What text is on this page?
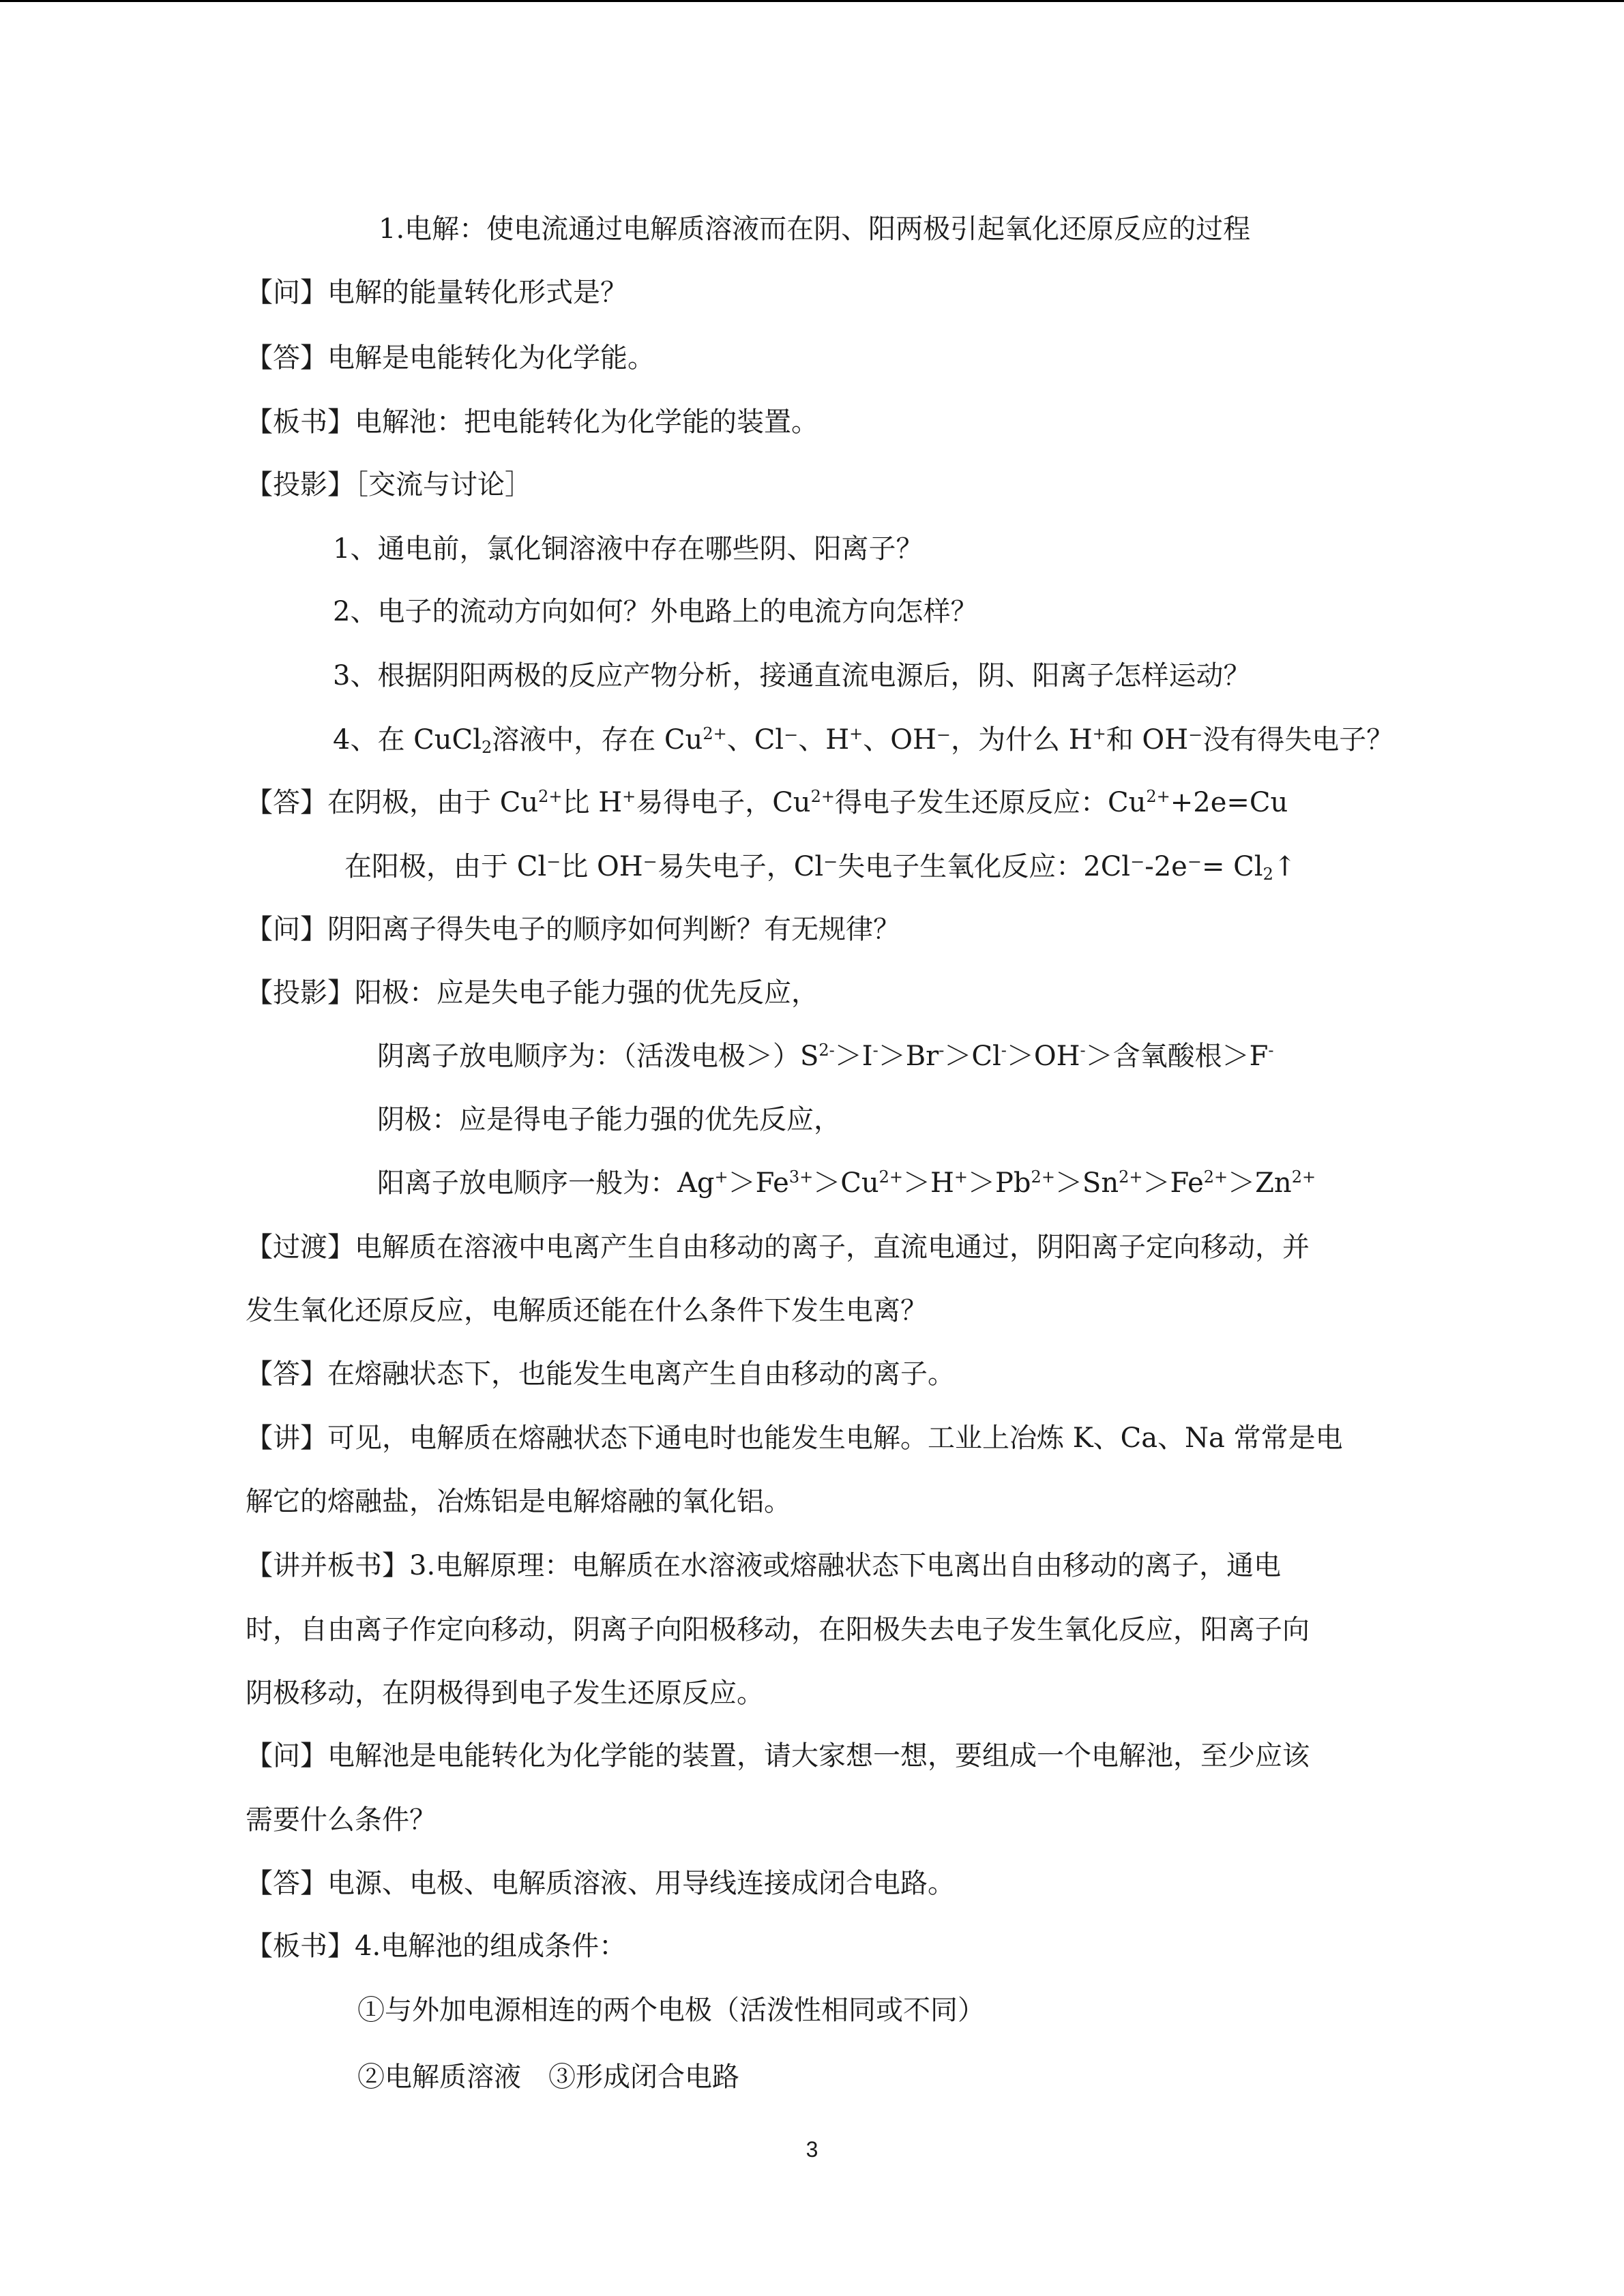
1.电解：使电流通过电解质溶液而在阴、阳两极引起氧化还原反应的过程

【问】电解的能量转化形式是？

【答】电解是电能转化为化学能。

【板书】电解池：把电能转化为化学能的装置。

【投影】［交流与讨论］

1、通电前，氯化铜溶液中存在哪些阴、阳离子？

2、电子的流动方向如何？外电路上的电流方向怎样？

3、根据阴阳两极的反应产物分析，接通直流电源后，阴、阳离子怎样运动？

4、在 CuCl$_2$溶液中，存在 $Cu^{2+}$、Cl⁻、H+、OH⁻，为什么 H+和 OH⁻没有得失电子？

【答】在阴极，由于 $Cu^{2+}$比 H+易得电子，$Cu^{2+}$得电子发生还原反应：$Cu^{2+}+2e=Cu$

在阳极，由于 Cl⁻比 OH⁻易失电子，Cl⁻失电子生氧化反应：$2Cl^--2e^-= Cl_2↑$

【问】阴阳离子得失电子的顺序如何判断？有无规律？

【投影】阳极：应是失电子能力强的优先反应，

阴离子放电顺序为：（活泼电极$>)S^{2-}>I^->Br^->Cl^->OH^->$含氧酸根＞F-

阴极：应是得电子能力强的优先反应，

阳离子放电顺序一般为：$Ag^+>Fe^{3+}>Cu^{2+}>H^+>Pb^{2+}>Sn^{2+}>Fe^{2+}>Zn^{2+}$

【过渡】电解质在溶液中电离产生自由移动的离子，直流电通过，阴阳离子定向移动，并

发生氧化还原反应，电解质还能在什么条件下发生电离？

【答】在熔融状态下，也能发生电离产生自由移动的离子。

【讲】可见，电解质在熔融状态下通电时也能发生电解。工业上冶炼 K、Ca、Na 常常是电

解它的熔融盐，冶炼铝是电解熔融的氧化铝。

【讲并板书】3.电解原理：电解质在水溶液或熔融状态下电离出自由移动的离子，通电

时，自由离子作定向移动，阴离子向阳极移动，在阳极失去电子发生氧化反应，阳离子向

阴极移动，在阴极得到电子发生还原反应。

【问】电解池是电能转化为化学能的装置，请大家想一想，要组成一个电解池，至少应该

需要什么条件？

【答】电源、电极、电解质溶液、用导线连接成闭合电路。

【板书】4.电解池的组成条件：

①与外加电源相连的两个电极（活泼性相同或不同）

②电解质溶液　③形成闭合电路

3
